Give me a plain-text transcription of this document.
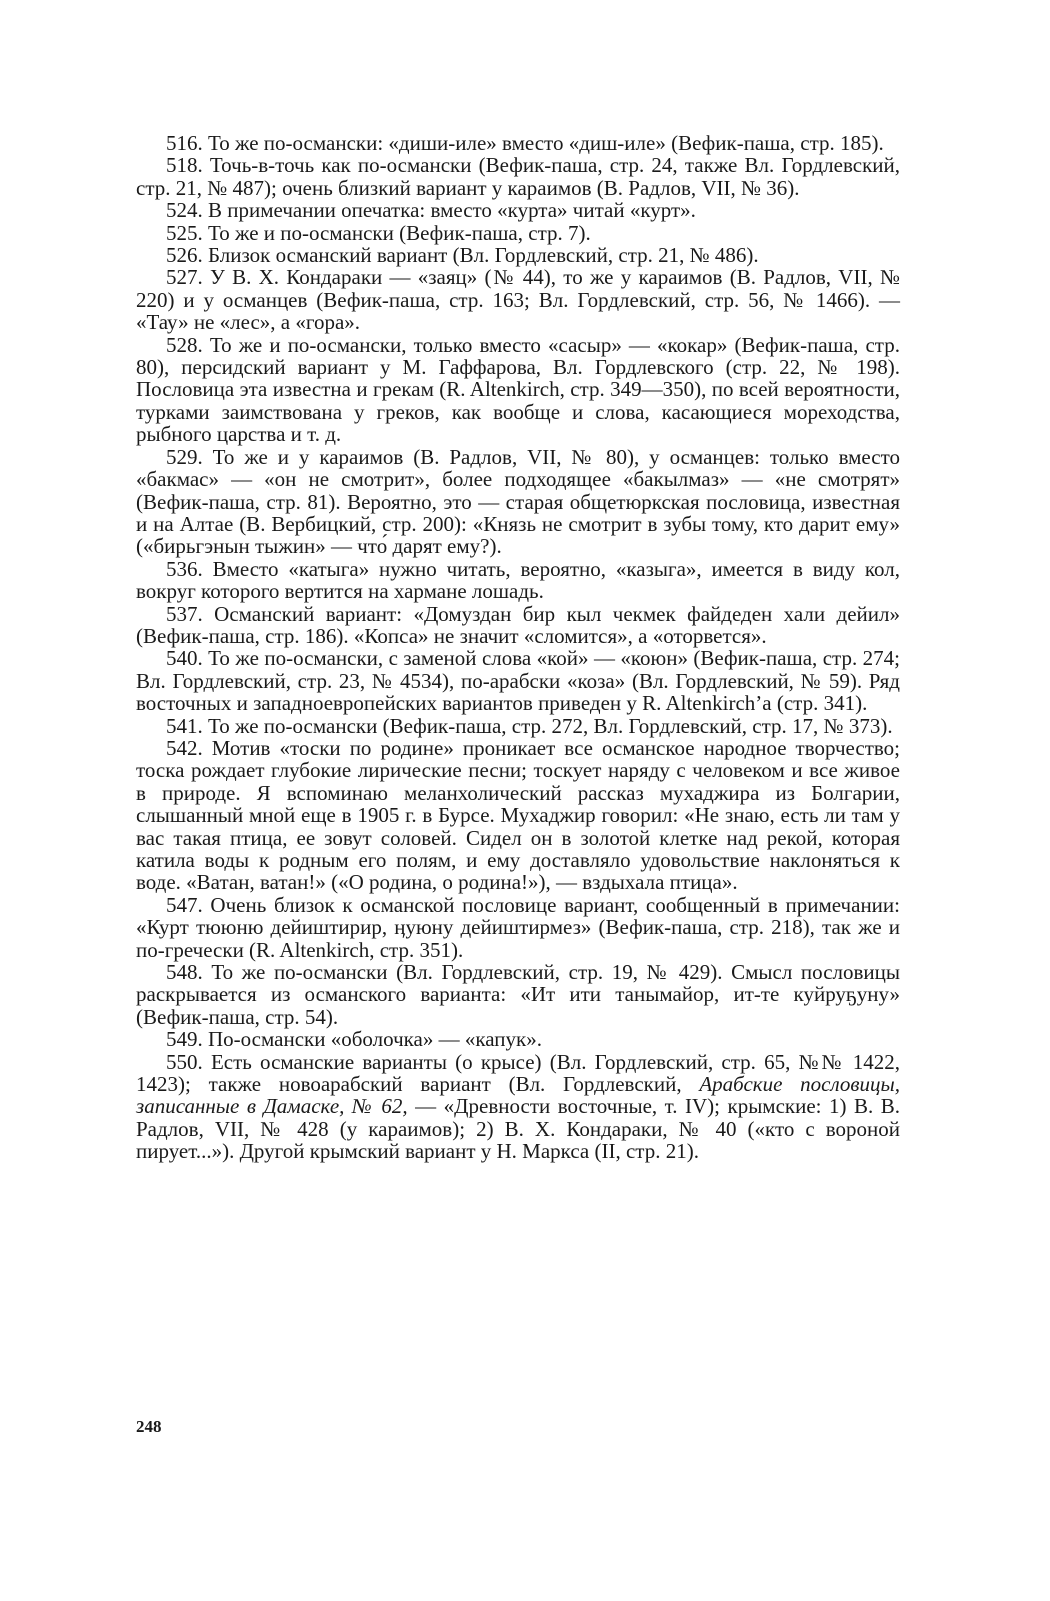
516. То же по-османски: «диши-иле» вместо «диш-иле» (Вефик-паша, стр. 185).

518. Точь-в-точь как по-османски (Вефик-паша, стр. 24, также Вл. Гордлевский, стр. 21, № 487); очень близкий вариант у караимов (В. Радлов, VII, № 36).

524. В примечании опечатка: вместо «курта» читай «курт».

525. То же и по-османски (Вефик-паша, стр. 7).

526. Близок османский вариант (Вл. Гордлевский, стр. 21, № 486).

527. У В. Х. Кондараки — «заяц» (№ 44), то же у караимов (В. Радлов, VII, № 220) и у османцев (Вефик-паша, стр. 163; Вл. Гордлевский, стр. 56, № 1466). — «Тау» не «лес», а «гора».

528. То же и по-османски, только вместо «сасыр» — «кокар» (Вефик-паша, стр. 80), персидский вариант у М. Гаффарова, Вл. Гордлевского (стр. 22, № 198). Пословица эта известна и грекам (R. Altenkirch, стр. 349—350), по всей вероятности, турками заимствована у греков, как вообще и слова, касающиеся мореходства, рыбного царства и т. д.

529. То же и у караимов (В. Радлов, VII, № 80), у османцев: только вместо «бакмас» — «он не смотрит», более подходящее «бакылмаз» — «не смотрят» (Вефик-паша, стр. 81). Вероятно, это — старая общетюркская пословица, известная и на Алтае (В. Вербицкий, стр. 200): «Князь не смотрит в зубы тому, кто дарит ему» («бирьгэнын тыжин» — что́ дарят ему?).

536. Вместо «катыга» нужно читать, вероятно, «казыга», имеется в виду кол, вокруг которого вертится на хармане лошадь.

537. Османский вариант: «Домуздан бир кыл чекмек файдеден хали дейил» (Вефик-паша, стр. 186). «Копса» не значит «сломится», а «оторвется».

540. То же по-османски, с заменой слова «кой» — «коюн» (Вефик-паша, стр. 274; Вл. Гордлевский, стр. 23, № 4534), по-арабски «коза» (Вл. Гордлевский, № 59). Ряд восточных и западноевропейских вариантов приведен у R. Altenkirch’а (стр. 341).

541. То же по-османски (Вефик-паша, стр. 272, Вл. Гордлевский, стр. 17, № 373).

542. Мотив «тоски по родине» проникает все османское народное творчество; тоска рождает глубокие лирические песни; тоскует наряду с человеком и все живое в природе. Я вспоминаю меланхолический рассказ мухаджира из Болгарии, слышанный мной еще в 1905 г. в Бурсе. Мухаджир говорил: «Не знаю, есть ли там у вас такая птица, ее зовут соловей. Сидел он в золотой клетке над рекой, которая катила воды к родным его полям, и ему доставляло удовольствие наклоняться к воде. «Ватан, ватан!» («О родина, о родина!»), — вздыхала птица».

547. Очень близок к османской пословице вариант, сообщенный в примечании: «Курт тююню дейиштирир, ӊуюну дейиштирмез» (Вефик-паша, стр. 218), так же и по-гречески (R. Altenkirch, стр. 351).

548. То же по-османски (Вл. Гордлевский, стр. 19, № 429). Смысл пословицы раскрывается из османского варианта: «Ит ити танымайор, ит-те куйруҕуну» (Вефик-паша, стр. 54).

549. По-османски «оболочка» — «капук».

550. Есть османские варианты (о крысе) (Вл. Гордлевский, стр. 65, №№ 1422, 1423); также новоарабский вариант (Вл. Гордлевский, Арабские пословицы, записанные в Дамаске, № 62, — «Древности восточные, т. IV); крымские: 1) В. В. Радлов, VII, № 428 (у караимов); 2) В. Х. Кондараки, № 40 («кто с вороной пирует...»). Другой крымский вариант у Н. Маркса (II, стр. 21).

248
